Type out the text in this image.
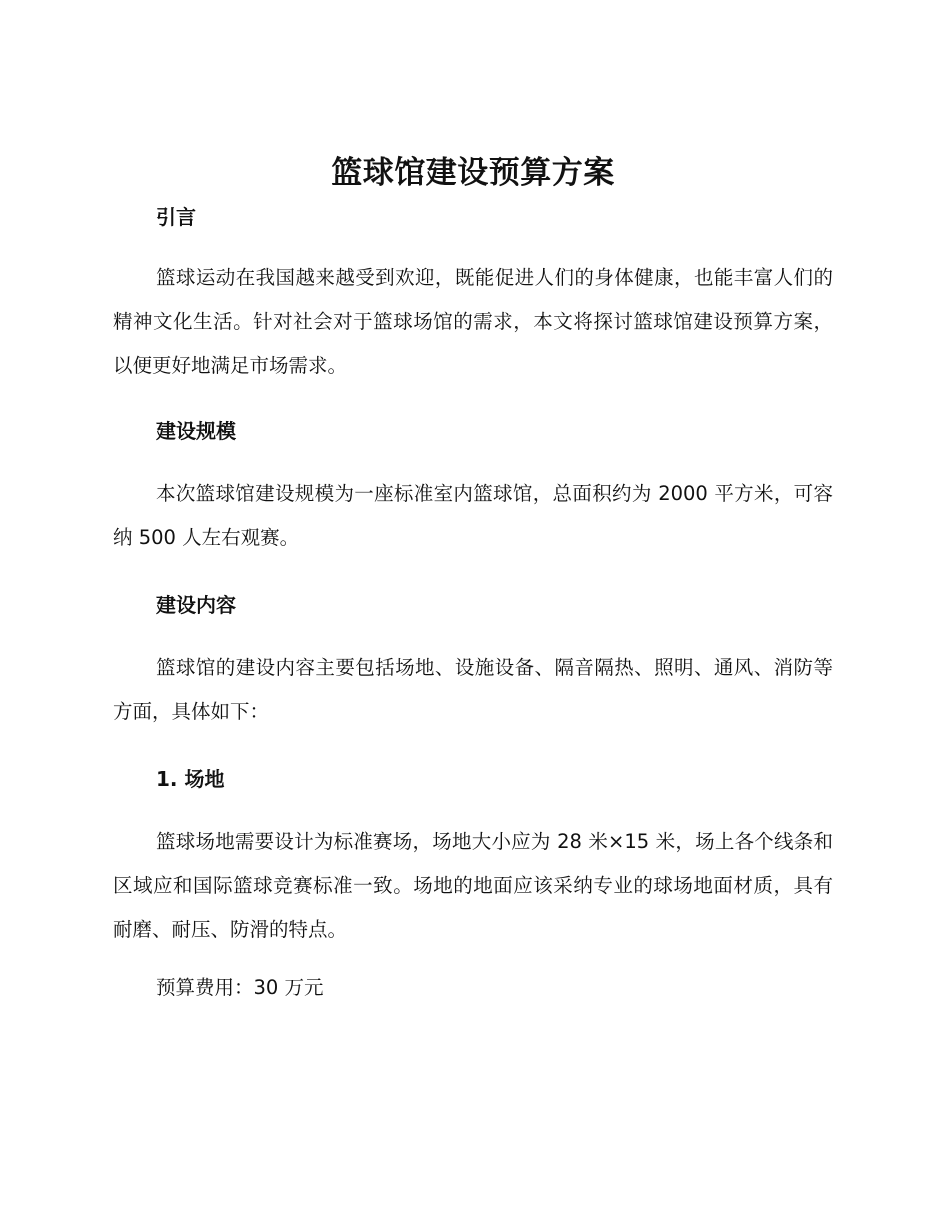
篮球馆建设预算方案

引言

篮球运动在我国越来越受到欢迎，既能促进人们的身体健康，也能丰富人们的精神文化生活。针对社会对于篮球场馆的需求，本文将探讨篮球馆建设预算方案，以便更好地满足市场需求。

建设规模

本次篮球馆建设规模为一座标准室内篮球馆，总面积约为 2000 平方米，可容纳 500 人左右观赛。

建设内容

篮球馆的建设内容主要包括场地、设施设备、隔音隔热、照明、通风、消防等方面，具体如下：

1. 场地

篮球场地需要设计为标准赛场，场地大小应为 28 米×15 米，场上各个线条和区域应和国际篮球竞赛标准一致。场地的地面应该采纳专业的球场地面材质，具有耐磨、耐压、防滑的特点。

预算费用：30 万元
